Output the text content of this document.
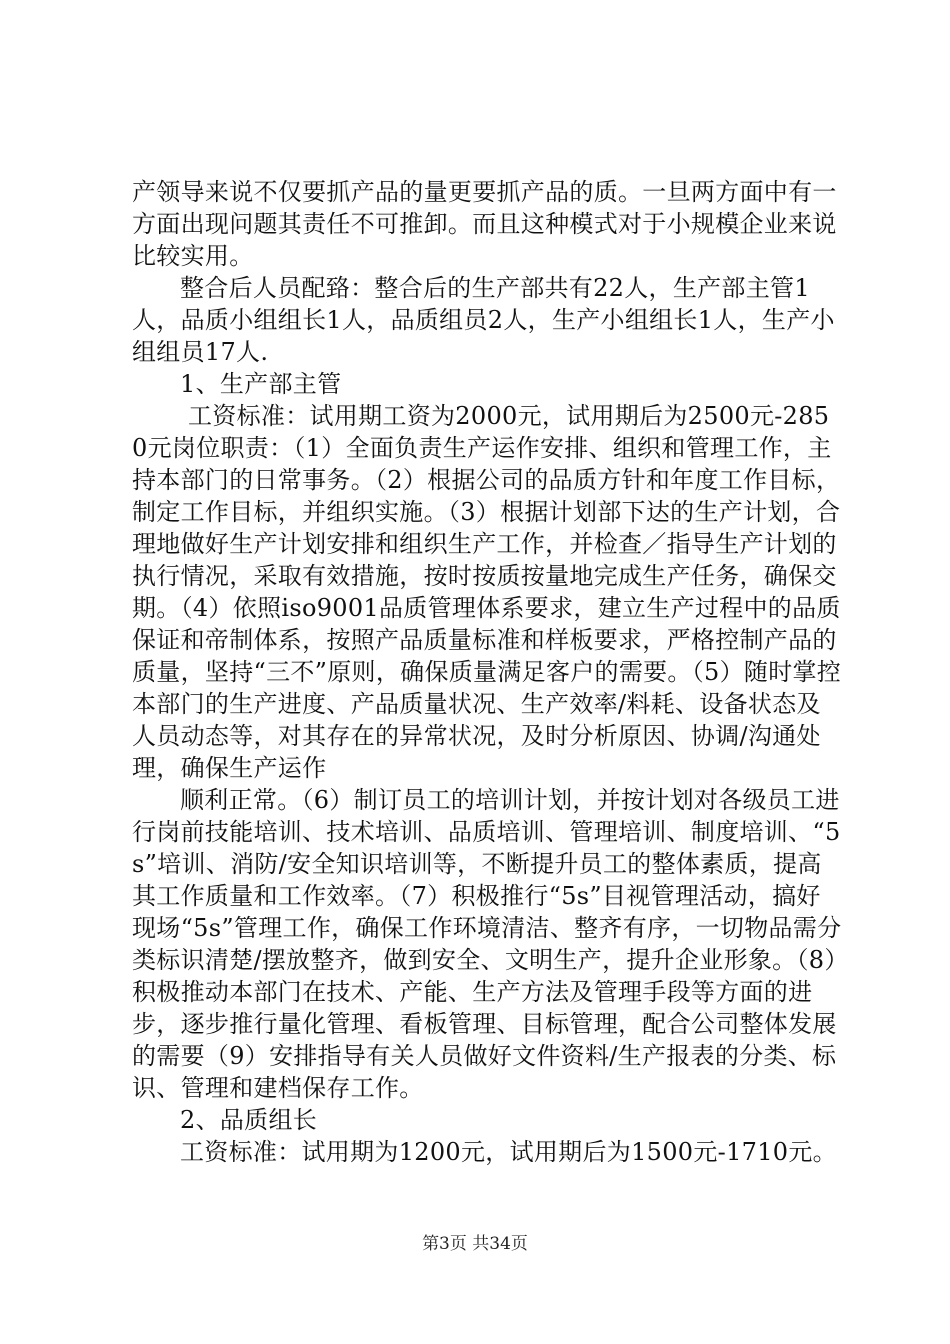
产领导来说不仅要抓产品的量更要抓产品的质。一旦两方面中有一方面出现问题其责任不可推卸。而且这种模式对于小规模企业来说比较实用。

整合后人员配臵：整合后的生产部共有22人，生产部主管1人，品质小组组长1人，品质组员2人，生产小组组长1人，生产小组组员17人.

1、生产部主管

工资标准：试用期工资为2000元，试用期后为2500元-2850元岗位职责：（1）全面负责生产运作安排、组织和管理工作，主持本部门的日常事务。（2）根据公司的品质方针和年度工作目标，制定工作目标，并组织实施。（3）根据计划部下达的生产计划，合理地做好生产计划安排和组织生产工作，并检查／指导生产计划的执行情况，采取有效措施，按时按质按量地完成生产任务，确保交期。（4）依照iso9001品质管理体系要求，建立生产过程中的品质保证和帝制体系，按照产品质量标准和样板要求，严格控制产品的质量，坚持“三不”原则，确保质量满足客户的需要。（5）随时掌控本部门的生产进度、产品质量状况、生产效率/料耗、设备状态及人员动态等，对其存在的异常状况，及时分析原因、协调/沟通处理，确保生产运作

顺利正常。（6）制订员工的培训计划，并按计划对各级员工进行岗前技能培训、技术培训、品质培训、管理培训、制度培训、“5s”培训、消防/安全知识培训等，不断提升员工的整体素质，提高其工作质量和工作效率。（7）积极推行“5s”目视管理活动，搞好现场“5s”管理工作，确保工作环境清洁、整齐有序，一切物品需分类标识清楚/摆放整齐，做到安全、文明生产，提升企业形象。（8）积极推动本部门在技术、产能、生产方法及管理手段等方面的进步，逐步推行量化管理、看板管理、目标管理，配合公司整体发展的需要（9）安排指导有关人员做好文件资料/生产报表的分类、标识、管理和建档保存工作。

2、品质组长

工资标准：试用期为1200元，试用期后为1500元-1710元。

第3页 共34页
